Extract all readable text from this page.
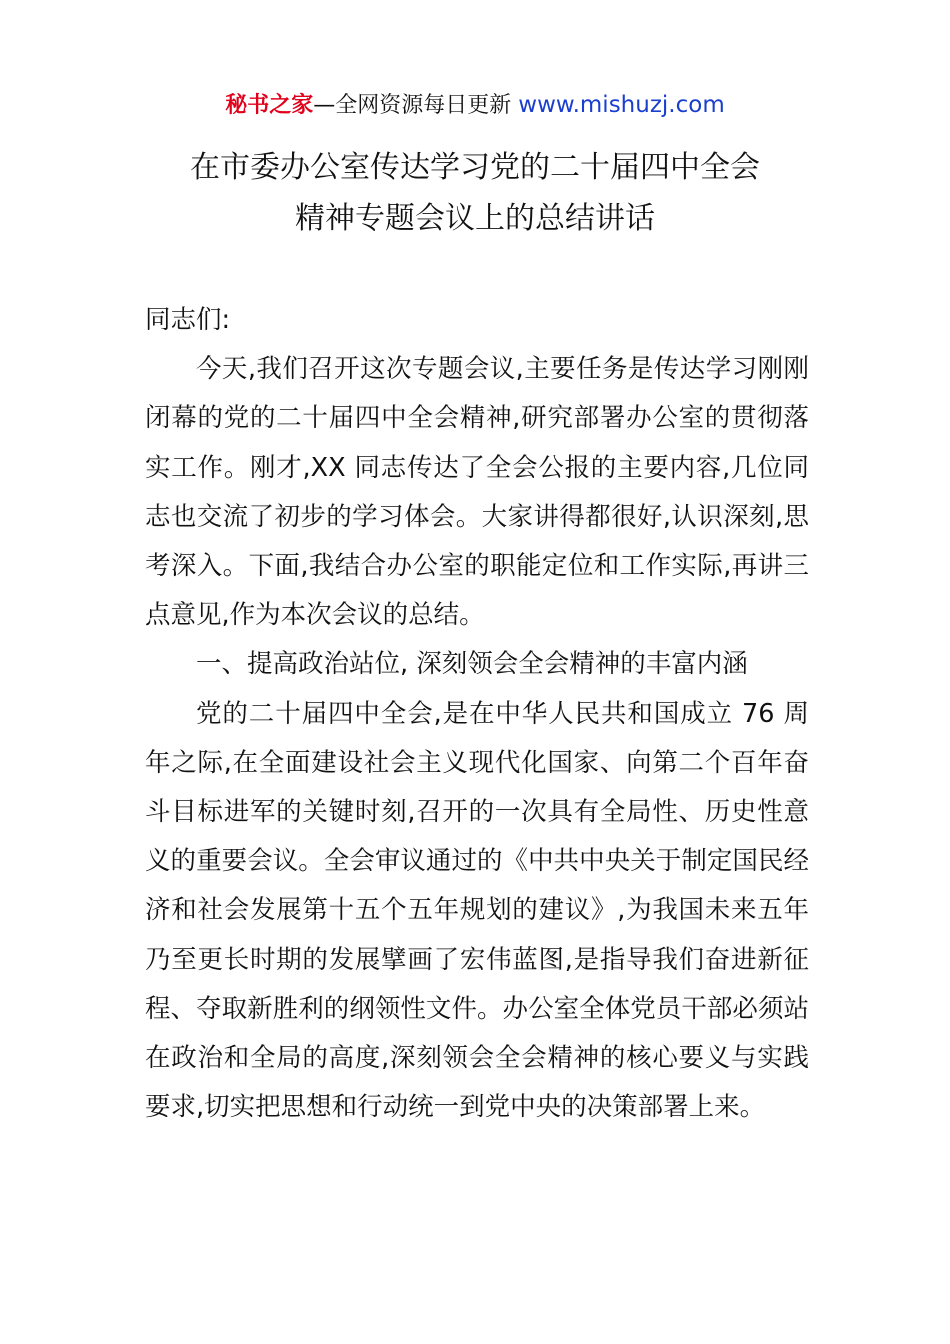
秘书之家—全网资源每日更新 www.mishuzj.com
在市委办公室传达学习党的二十届四中全会
精神专题会议上的总结讲话

同志们:

今天,我们召开这次专题会议,主要任务是传达学习刚刚闭幕的党的二十届四中全会精神,研究部署办公室的贯彻落实工作。刚才,XX 同志传达了全会公报的主要内容,几位同志也交流了初步的学习体会。大家讲得都很好,认识深刻,思考深入。下面,我结合办公室的职能定位和工作实际,再讲三点意见,作为本次会议的总结。

一、提高政治站位, 深刻领会全会精神的丰富内涵

党的二十届四中全会,是在中华人民共和国成立 76 周年之际,在全面建设社会主义现代化国家、向第二个百年奋斗目标进军的关键时刻,召开的一次具有全局性、历史性意义的重要会议。全会审议通过的《中共中央关于制定国民经济和社会发展第十五个五年规划的建议》,为我国未来五年乃至更长时期的发展擘画了宏伟蓝图,是指导我们奋进新征程、夺取新胜利的纲领性文件。办公室全体党员干部必须站在政治和全局的高度,深刻领会全会精神的核心要义与实践要求,切实把思想和行动统一到党中央的决策部署上来。
